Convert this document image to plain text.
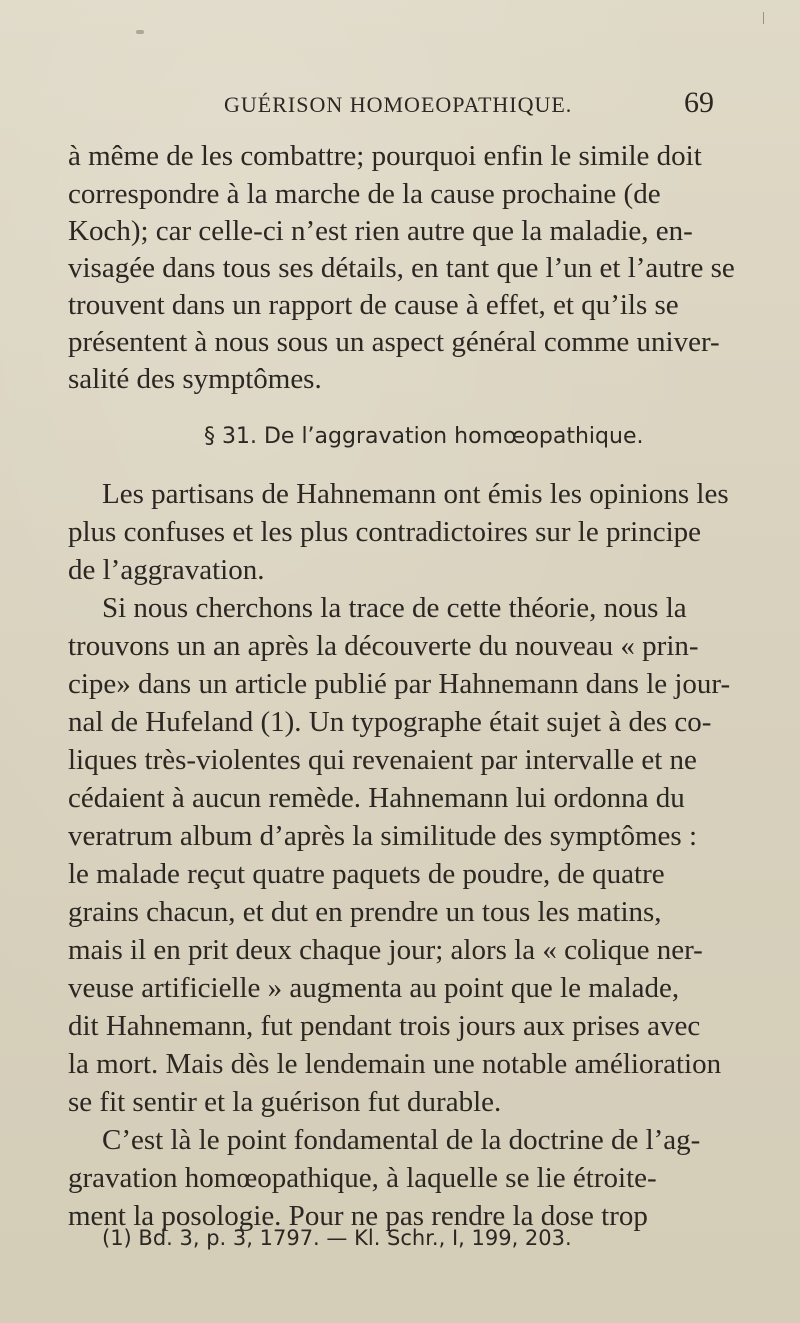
GUÉRISON HOMOEOPATHIQUE.	69
à même de les combattre; pourquoi enfin le simile doit
correspondre à la marche de la cause prochaine (de
Koch); car celle-ci n’est rien autre que la maladie, en-
visagée dans tous ses détails, en tant que l’un et l’autre se
trouvent dans un rapport de cause à effet, et qu’ils se
présentent à nous sous un aspect général comme univer-
salité des symptômes.
§ 31. De l’aggravation homœopathique.
Les partisans de Hahnemann ont émis les opinions les
plus confuses et les plus contradictoires sur le principe
de l’aggravation.
Si nous cherchons la trace de cette théorie, nous la
trouvons un an après la découverte du nouveau « prin-
cipe» dans un article publié par Hahnemann dans le jour-
nal de Hufeland (1). Un typographe était sujet à des co-
liques très-violentes qui revenaient par intervalle et ne
cédaient à aucun remède. Hahnemann lui ordonna du
veratrum album d’après la similitude des symptômes :
le malade reçut quatre paquets de poudre, de quatre
grains chacun, et dut en prendre un tous les matins,
mais il en prit deux chaque jour; alors la « colique ner-
veuse artificielle » augmenta au point que le malade,
dit Hahnemann, fut pendant trois jours aux prises avec
la mort. Mais dès le lendemain une notable amélioration
se fit sentir et la guérison fut durable.
C’est là le point fondamental de la doctrine de l’ag-
gravation homœopathique, à laquelle se lie étroite-
ment la posologie. Pour ne pas rendre la dose trop
(1) Bd. 3, p. 3, 1797. — Kl. Schr., I, 199, 203.
